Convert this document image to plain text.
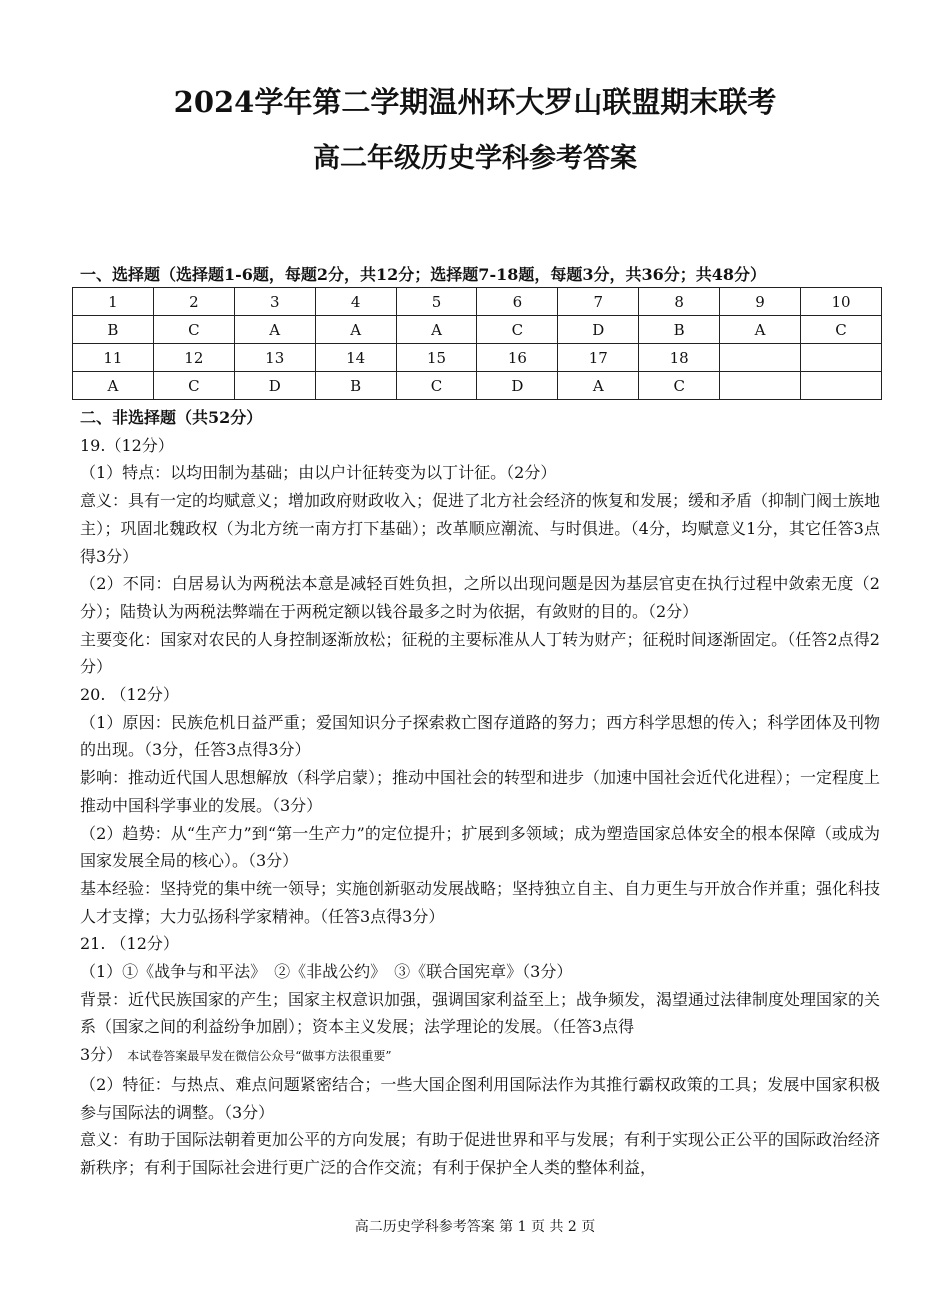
2024学年第二学期温州环大罗山联盟期末联考
高二年级历史学科参考答案

一、选择题（选择题1-6题，每题2分，共12分；选择题7-18题，每题3分，共36分；共48分）

1	2	3	4	5	6	7	8	9	10
B	C	A	A	A	C	D	B	A	C
11	12	13	14	15	16	17	18		
A	C	D	B	C	D	A	C		

二、非选择题（共52分）

19.（12分）

（1）特点：以均田制为基础；由以户计征转变为以丁计征。（2分）

意义：具有一定的均赋意义；增加政府财政收入；促进了北方社会经济的恢复和发展；缓和矛盾（抑制门阀士族地主）；巩固北魏政权（为北方统一南方打下基础）；改革顺应潮流、与时俱进。（4分，均赋意义1分，其它任答3点得3分）

（2）不同：白居易认为两税法本意是减轻百姓负担，之所以出现问题是因为基层官吏在执行过程中敛索无度（2分）；陆贽认为两税法弊端在于两税定额以钱谷最多之时为依据，有敛财的目的。（2分）

主要变化：国家对农民的人身控制逐渐放松；征税的主要标准从人丁转为财产；征税时间逐渐固定。（任答2点得2分）

20. （12分）

（1）原因：民族危机日益严重；爱国知识分子探索救亡图存道路的努力；西方科学思想的传入；科学团体及刊物的出现。（3分，任答3点得3分）

影响：推动近代国人思想解放（科学启蒙）；推动中国社会的转型和进步（加速中国社会近代化进程）；一定程度上推动中国科学事业的发展。（3分）

（2）趋势：从“生产力”到“第一生产力”的定位提升；扩展到多领域；成为塑造国家总体安全的根本保障（或成为国家发展全局的核心）。（3分）

基本经验：坚持党的集中统一领导；实施创新驱动发展战略；坚持独立自主、自力更生与开放合作并重；强化科技人才支撑；大力弘扬科学家精神。（任答3点得3分）

21. （12分）

（1）①《战争与和平法》　②《非战公约》　③《联合国宪章》（3分）

背景：近代民族国家的产生；国家主权意识加强，强调国家利益至上；战争频发，渴望通过法律制度处理国家的关系（国家之间的利益纷争加剧）；资本主义发展；法学理论的发展。（任答3点得

3分） 本试卷答案最早发在微信公众号“做事方法很重要”

（2）特征：与热点、难点问题紧密结合；一些大国企图利用国际法作为其推行霸权政策的工具；发展中国家积极参与国际法的调整。（3分）

意义：有助于国际法朝着更加公平的方向发展；有助于促进世界和平与发展；有利于实现公正公平的国际政治经济新秩序；有利于国际社会进行更广泛的合作交流；有利于保护全人类的整体利益，

高二历史学科参考答案 第 1 页 共 2 页
